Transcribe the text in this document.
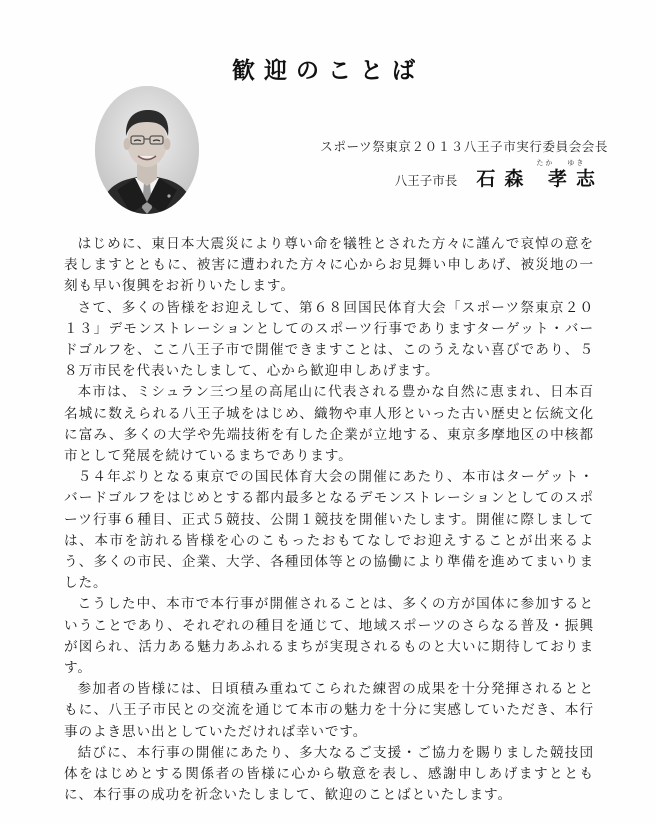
歓迎のことば
スポーツ祭東京２０１３八王子市実行委員会会長
八王子市長
たか ゆき
石森 孝志

はじめに、東日本大震災により尊い命を犠牲とされた方々に謹んで哀悼の意を表しますとともに、被害に遭われた方々に心からお見舞い申しあげ、被災地の一刻も早い復興をお祈りいたします。

さて、多くの皆様をお迎えして、第６８回国民体育大会「スポーツ祭東京２０１３」デモンストレーションとしてのスポーツ行事でありますターゲット・バードゴルフを、ここ八王子市で開催できますことは、このうえない喜びであり、５８万市民を代表いたしまして、心から歓迎申しあげます。

本市は、ミシュラン三つ星の高尾山に代表される豊かな自然に恵まれ、日本百名城に数えられる八王子城をはじめ、織物や車人形といった古い歴史と伝統文化に富み、多くの大学や先端技術を有した企業が立地する、東京多摩地区の中核都市として発展を続けているまちであります。

５４年ぶりとなる東京での国民体育大会の開催にあたり、本市はターゲット・バードゴルフをはじめとする都内最多となるデモンストレーションとしてのスポーツ行事６種目、正式５競技、公開１競技を開催いたします。開催に際しましては、本市を訪れる皆様を心のこもったおもてなしでお迎えすることが出来るよう、多くの市民、企業、大学、各種団体等との協働により準備を進めてまいりました。

こうした中、本市で本行事が開催されることは、多くの方が国体に参加するということであり、それぞれの種目を通じて、地域スポーツのさらなる普及・振興が図られ、活力ある魅力あふれるまちが実現されるものと大いに期待しております。

参加者の皆様には、日頃積み重ねてこられた練習の成果を十分発揮されるとともに、八王子市民との交流を通じて本市の魅力を十分に実感していただき、本行事のよき思い出としていただければ幸いです。

結びに、本行事の開催にあたり、多大なるご支援・ご協力を賜りました競技団体をはじめとする関係者の皆様に心から敬意を表し、感謝申しあげますとともに、本行事の成功を祈念いたしまして、歓迎のことばといたします。
